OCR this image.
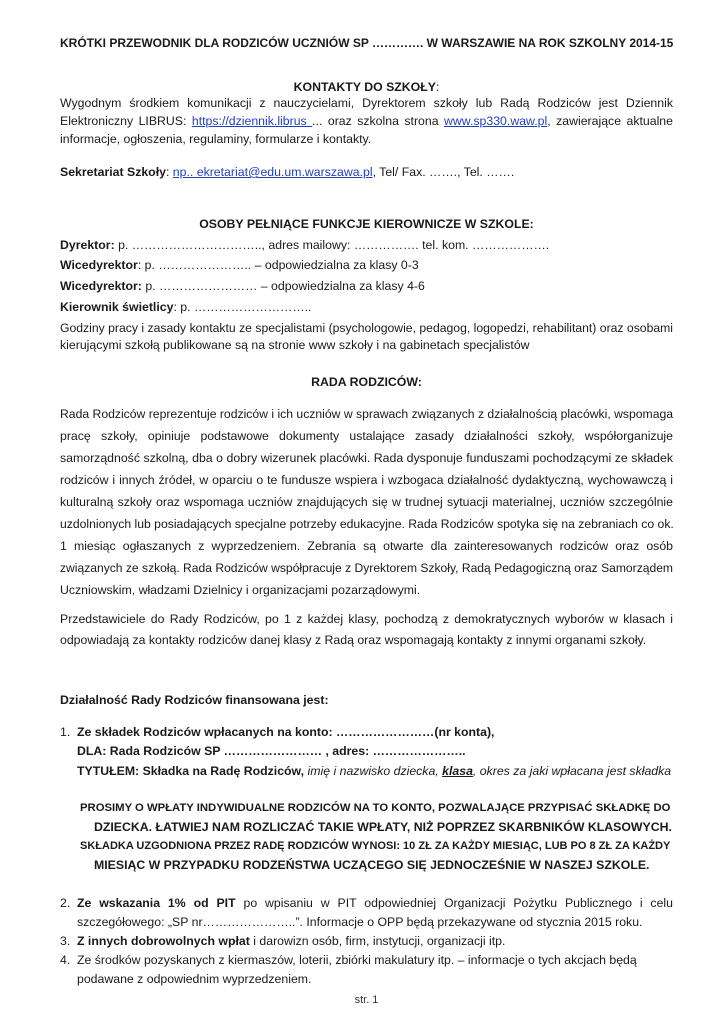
KRÓTKI PRZEWODNIK DLA RODZICÓW UCZNIÓW SP …………. W WARSZAWIE NA ROK SZKOLNY 2014-15
KONTAKTY DO SZKOŁY:
Wygodnym środkiem komunikacji z nauczycielami, Dyrektorem szkoły lub Radą Rodziców jest Dziennik
Elektroniczny LIBRUS: https://dziennik.librus ... oraz szkolna strona www.sp330.waw.pl, zawierające aktualne
informacje, ogłoszenia, regulaminy, formularze i kontakty.
Sekretariat Szkoły: np.. ekretariat@edu.um.warszawa.pl, Tel/ Fax. ……., Tel. …….
OSOBY PEŁNIĄCE FUNKCJE KIEROWNICZE W SZKOLE:
Dyrektor: p. ………………………….., adres mailowy: ……………. tel. kom. ……………….
Wicedyrektor: p. ………………….. – odpowiedzialna za klasy 0-3
Wicedyrektor: p. …………………… – odpowiedzialna za klasy 4-6
Kierownik świetlicy: p. ………………………..
Godziny pracy i zasady kontaktu ze specjalistami (psychologowie, pedagog, logopedzi, rehabilitant) oraz osobami
kierującymi szkołą publikowane są na stronie www szkoły i na gabinetach specjalistów
RADA RODZICÓW:
Rada Rodziców reprezentuje rodziców i ich uczniów w sprawach związanych z działalnością placówki, wspomaga
pracę szkoły, opiniuje podstawowe dokumenty ustalające zasady działalności szkoły, współorganizuje
samorządność szkolną, dba o dobry wizerunek placówki. Rada dysponuje funduszami pochodzącymi ze składek
rodziców i innych źródeł, w oparciu o te fundusze wspiera i wzbogaca działalność dydaktyczną, wychowawczą i
kulturalną szkoły oraz wspomaga uczniów znajdujących się w trudnej sytuacji materialnej, uczniów szczególnie
uzdolnionych lub posiadających specjalne potrzeby edukacyjne. Rada Rodziców spotyka się na zebraniach co ok.
1 miesiąc ogłaszanych z wyprzedzeniem. Zebrania są otwarte dla zainteresowanych rodziców oraz osób
związanych ze szkołą. Rada Rodziców współpracuje z Dyrektorem Szkoły, Radą Pedagogiczną oraz Samorządem
Uczniowskim, władzami Dzielnicy i organizacjami pozarządowymi.
Przedstawiciele do Rady Rodziców, po 1 z każdej klasy, pochodzą z demokratycznych wyborów w klasach i
odpowiadają za kontakty rodziców danej klasy z Radą oraz wspomagają kontakty z innymi organami szkoły.
Działalność Rady Rodziców finansowana jest:
1. Ze składek Rodziców wpłacanych na konto: ……………………(nr konta),
DLA: Rada Rodziców SP …………………… , adres: …………………..
TYTUŁEM: Składka na Radę Rodziców, imię i nazwisko dziecka, klasa, okres za jaki wpłacana jest składka
PROSIMY O WPŁATY INDYWIDUALNE RODZICÓW NA TO KONTO, POZWALAJĄCE PRZYPISAĆ SKŁADKĘ DO
DZIECKA. ŁATWIEJ NAM ROZLICZAĆ TAKIE WPŁATY, NIŻ POPRZEZ SKARBNIKÓW KLASOWYCH.
SKŁADKA UZGODNIONA PRZEZ RADĘ RODZICÓW WYNOSI: 10 ZŁ ZA KAŻDY MIESIĄC, LUB PO 8 ZŁ ZA KAŻDY
MIESIĄC W PRZYPADKU RODZEŃSTWA UCZĄCEGO SIĘ JEDNOCZEŚNIE W NASZEJ SZKOLE.
2. Ze wskazania 1% od PIT po wpisaniu w PIT odpowiedniej Organizacji Pożytku Publicznego i celu
szczegółowego: „SP nr…………………..”. Informacje o OPP będą przekazywane od stycznia 2015 roku.
3. Z innych dobrowolnych wpłat i darowizn osób, firm, instytucji, organizacji itp.
4. Ze środków pozyskanych z kiermaszów, loterii, zbiórki makulatury itp. – informacje o tych akcjach będą
podawane z odpowiednim wyprzedzeniem.
str. 1
